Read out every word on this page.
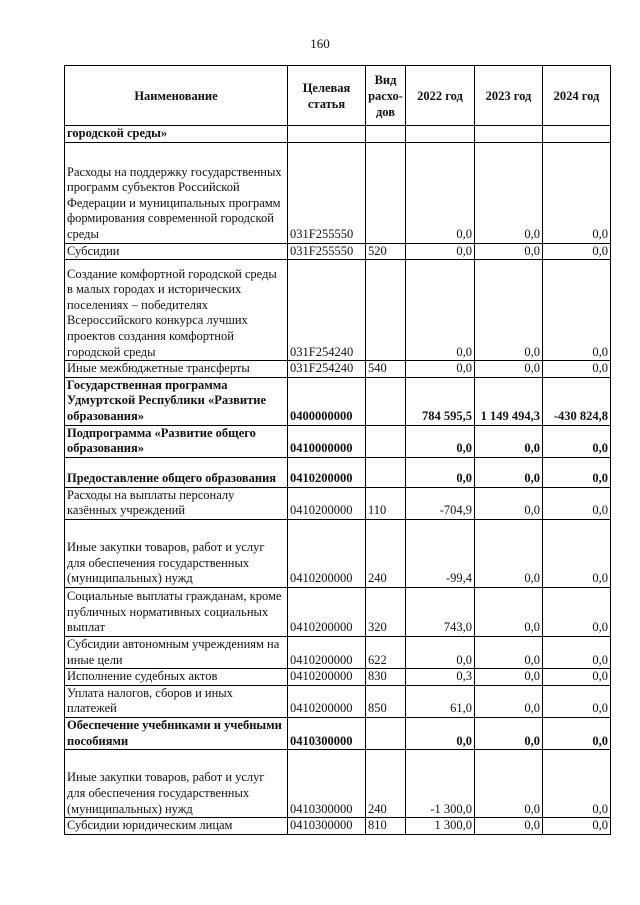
160
Наименование	Целевая статья	Вид расхо-дов	2022 год	2023 год	2024 год
городской среды»					
Расходы на поддержку государственных программ субъектов Российской Федерации и муниципальных программ формирования современной городской среды	031F255550		0,0	0,0	0,0
Субсидии	031F255550	520	0,0	0,0	0,0
Создание комфортной городской среды в малых городах и исторических поселениях – победителях Всероссийского конкурса лучших проектов создания комфортной городской среды	031F254240		0,0	0,0	0,0
Иные межбюджетные трансферты	031F254240	540	0,0	0,0	0,0
Государственная программа Удмуртской Республики «Развитие образования»	0400000000		784 595,5	1 149 494,3	-430 824,8
Подпрограмма «Развитие общего образования»	0410000000		0,0	0,0	0,0
Предоставление общего образования	0410200000		0,0	0,0	0,0
Расходы на выплаты персоналу казённых учреждений	0410200000	110	-704,9	0,0	0,0
Иные закупки товаров, работ и услуг для обеспечения государственных (муниципальных) нужд	0410200000	240	-99,4	0,0	0,0
Социальные выплаты гражданам, кроме публичных нормативных социальных выплат	0410200000	320	743,0	0,0	0,0
Субсидии автономным учреждениям на иные цели	0410200000	622	0,0	0,0	0,0
Исполнение судебных актов	0410200000	830	0,3	0,0	0,0
Уплата налогов, сборов и иных платежей	0410200000	850	61,0	0,0	0,0
Обеспечение учебниками и учебными пособиями	0410300000		0,0	0,0	0,0
Иные закупки товаров, работ и услуг для обеспечения государственных (муниципальных) нужд	0410300000	240	-1 300,0	0,0	0,0
Субсидии юридическим лицам	0410300000	810	1 300,0	0,0	0,0
